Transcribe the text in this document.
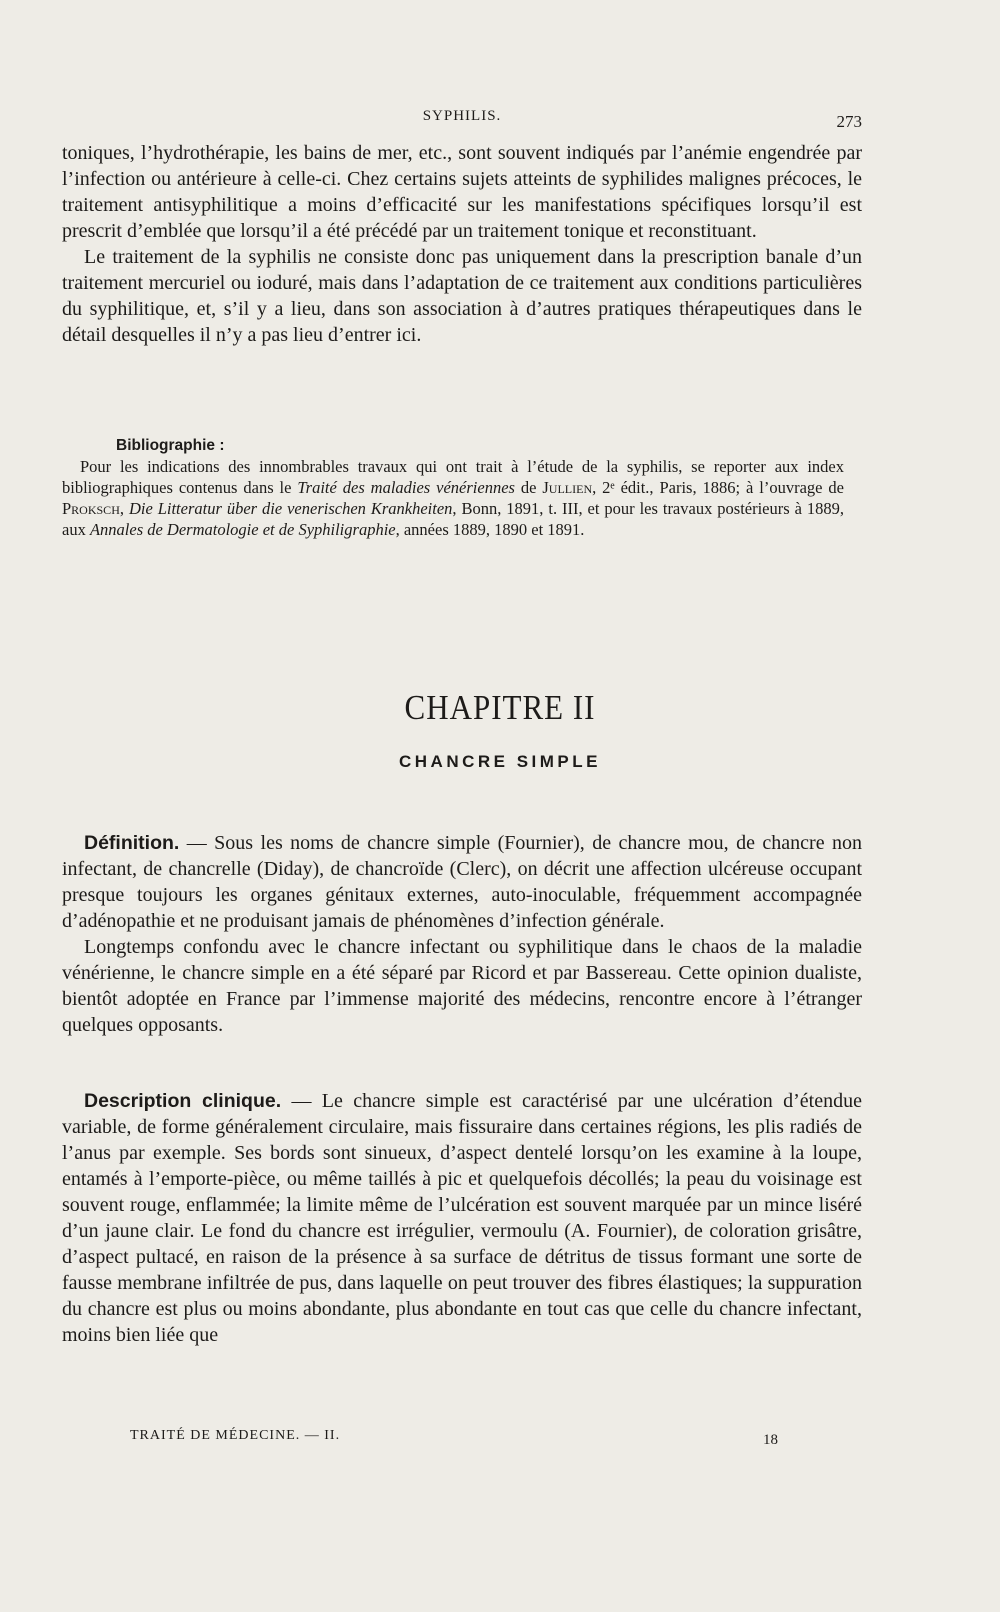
SYPHILIS.	273

toniques, l’hydrothérapie, les bains de mer, etc., sont souvent indiqués par l’anémie engendrée par l’infection ou antérieure à celle-ci. Chez certains sujets atteints de syphilides malignes précoces, le traitement antisyphilitique a moins d’efficacité sur les manifestations spécifiques lorsqu’il est prescrit d’emblée que lorsqu’il a été précédé par un traitement tonique et reconstituant.

Le traitement de la syphilis ne consiste donc pas uniquement dans la prescription banale d’un traitement mercuriel ou ioduré, mais dans l’adaptation de ce traitement aux conditions particulières du syphilitique, et, s’il y a lieu, dans son association à d’autres pratiques thérapeutiques dans le détail desquelles il n’y a pas lieu d’entrer ici.

Bibliographie :

Pour les indications des innombrables travaux qui ont trait à l’étude de la syphilis, se reporter aux index bibliographiques contenus dans le Traité des maladies vénériennes de Jullien, 2ᵉ édit., Paris, 1886; à l’ouvrage de Proksch, Die Litteratur über die venerischen Krankheiten, Bonn, 1891, t. III, et pour les travaux postérieurs à 1889, aux Annales de Dermatologie et de Syphiligraphie, années 1889, 1890 et 1891.

CHAPITRE II
CHANCRE SIMPLE

Définition. — Sous les noms de chancre simple (Fournier), de chancre mou, de chancre non infectant, de chancrelle (Diday), de chancroïde (Clerc), on décrit une affection ulcéreuse occupant presque toujours les organes génitaux externes, auto-inoculable, fréquemment accompagnée d’adénopathie et ne produisant jamais de phénomènes d’infection générale.

Longtemps confondu avec le chancre infectant ou syphilitique dans le chaos de la maladie vénérienne, le chancre simple en a été séparé par Ricord et par Bassereau. Cette opinion dualiste, bientôt adoptée en France par l’immense majorité des médecins, rencontre encore à l’étranger quelques opposants.

Description clinique. — Le chancre simple est caractérisé par une ulcération d’étendue variable, de forme généralement circulaire, mais fissuraire dans certaines régions, les plis radiés de l’anus par exemple. Ses bords sont sinueux, d’aspect dentelé lorsqu’on les examine à la loupe, entamés à l’emporte-pièce, ou même taillés à pic et quelquefois décollés; la peau du voisinage est souvent rouge, enflammée; la limite même de l’ulcération est souvent marquée par un mince liséré d’un jaune clair. Le fond du chancre est irrégulier, vermoulu (A. Fournier), de coloration grisâtre, d’aspect pultacé, en raison de la présence à sa surface de détritus de tissus formant une sorte de fausse membrane infiltrée de pus, dans laquelle on peut trouver des fibres élastiques; la suppuration du chancre est plus ou moins abondante, plus abondante en tout cas que celle du chancre infectant, moins bien liée que

TRAITÉ DE MÉDECINE. — II.	18
